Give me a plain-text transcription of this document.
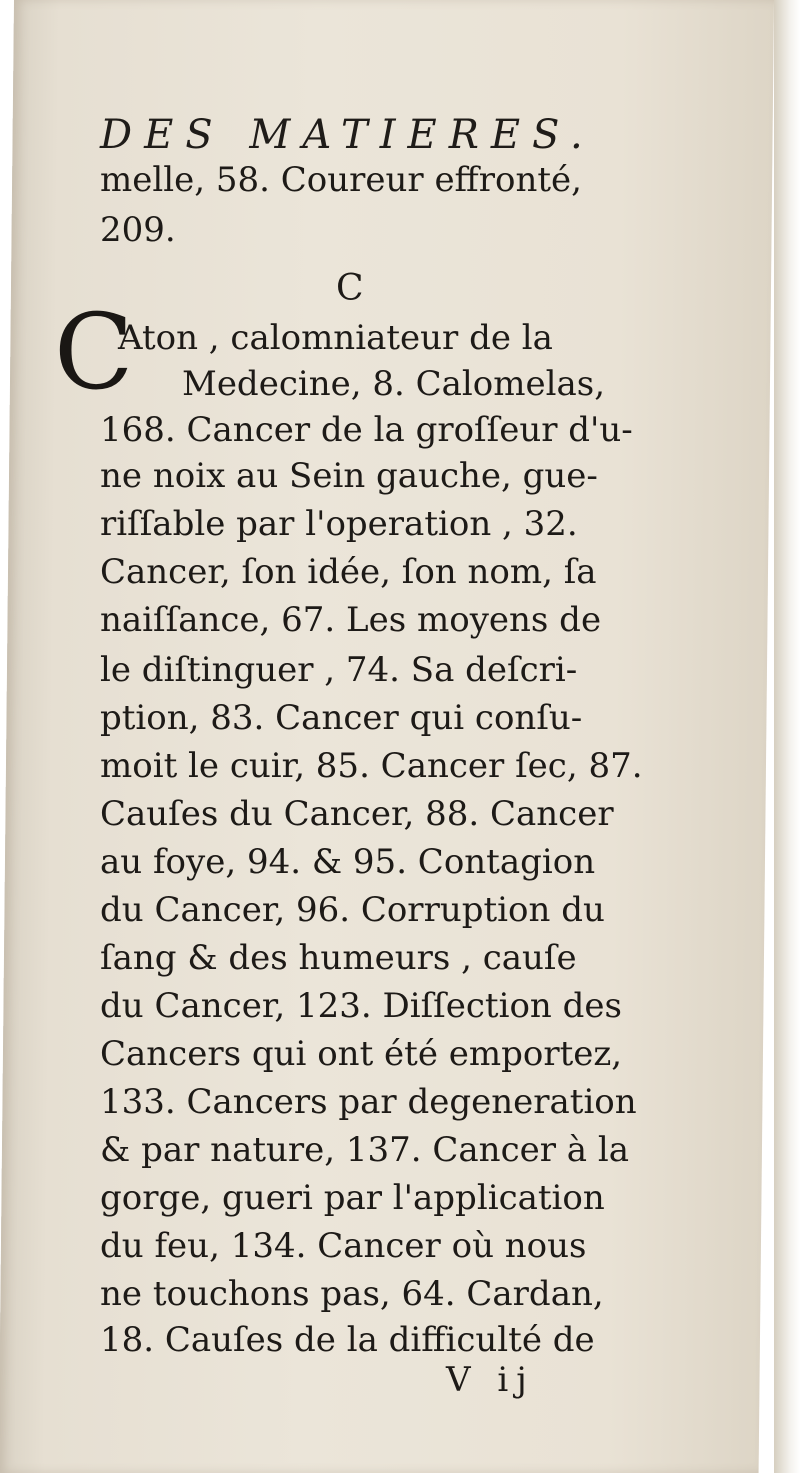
DES MATIERES.
melle, 58. Coureur effronté,
209.
C
C
Aton , calomniateur de la
Medecine, 8. Calomelas,
168. Cancer de la groſſeur d'u-
ne noix au Sein gauche, gue-
riſſable par l'operation , 32.
Cancer, ſon idée, ſon nom, ſa
naiſſance, 67. Les moyens de
le diſtinguer , 74. Sa deſcri-
ption, 83. Cancer qui conſu-
moit le cuir, 85. Cancer ſec, 87.
Cauſes du Cancer, 88. Cancer
au foye, 94. & 95. Contagion
du Cancer, 96. Corruption du
ſang & des humeurs , cauſe
du Cancer, 123. Diſſection des
Cancers qui ont été emportez,
133. Cancers par degeneration
& par nature, 137. Cancer à la
gorge, gueri par l'application
du feu, 134. Cancer où nous
ne touchons pas, 64. Cardan,
18. Cauſes de la difficulté de
V ij
